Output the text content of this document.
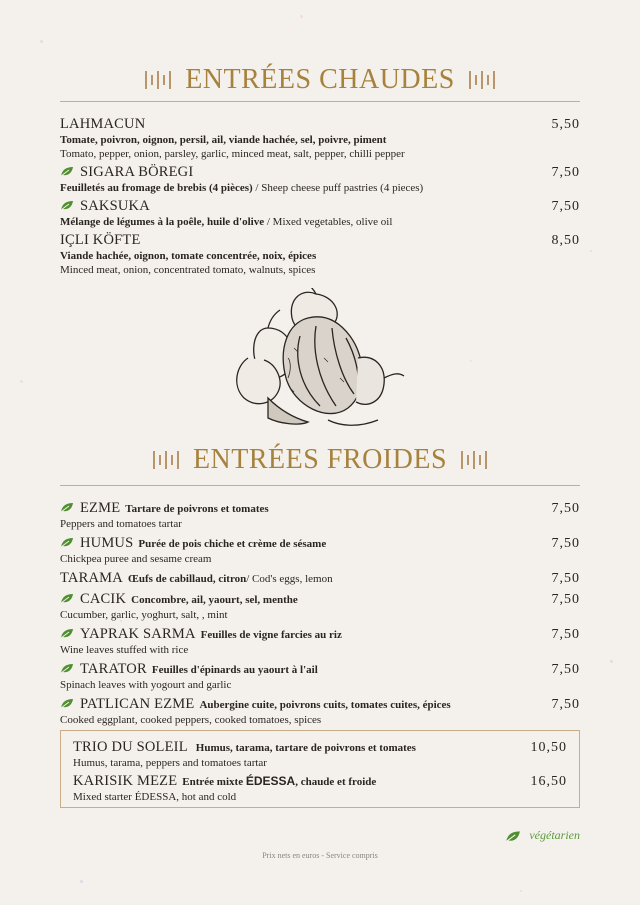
ENTRÉES CHAUDES
LAHMACUN	5,50
Tomate, poivron, oignon, persil, ail, viande hachée, sel, poivre, piment
Tomato, pepper, onion, parsley, garlic, minced meat, salt, pepper, chilli pepper
SIGARA BÖREGI	7,50
Feuilletés au fromage de brebis (4 pièces) / Sheep cheese puff pastries (4 pieces)
SAKSUKA	7,50
Mélange de légumes à la poêle, huile d'olive / Mixed vegetables, olive oil
IÇLI KÖFTE	8,50
Viande hachée, oignon, tomate concentrée, noix, épices
Minced meat, onion, concentrated tomato, walnuts, spices
ENTRÉES FROIDES
EZME Tartare de poivrons et tomates	7,50
Peppers and tomatoes tartar
HUMUS Purée de pois chiche et crème de sésame	7,50
Chickpea puree and sesame cream
TARAMA Œufs de cabillaud, citron / Cod's eggs, lemon	7,50
CACIK Concombre, ail, yaourt, sel, menthe	7,50
Cucumber, garlic, yoghurt, salt, , mint
YAPRAK SARMA Feuilles de vigne farcies au riz	7,50
Wine leaves stuffed with rice
TARATOR Feuilles d'épinards au yaourt à l'ail	7,50
Spinach leaves with yogourt and garlic
PATLICAN EZME Aubergine cuite, poivrons cuits, tomates cuites, épices	7,50
Cooked eggplant, cooked peppers, cooked tomatoes, spices
TRIO DU SOLEIL Humus, tarama, tartare de poivrons et tomates	10,50
Humus, tarama, peppers and tomatoes tartar
KARISIK MEZE Entrée mixte ÉDESSA, chaude et froide	16,50
Mixed starter ÉDESSA, hot and cold
végétarien
Prix nets en euros - Service compris
